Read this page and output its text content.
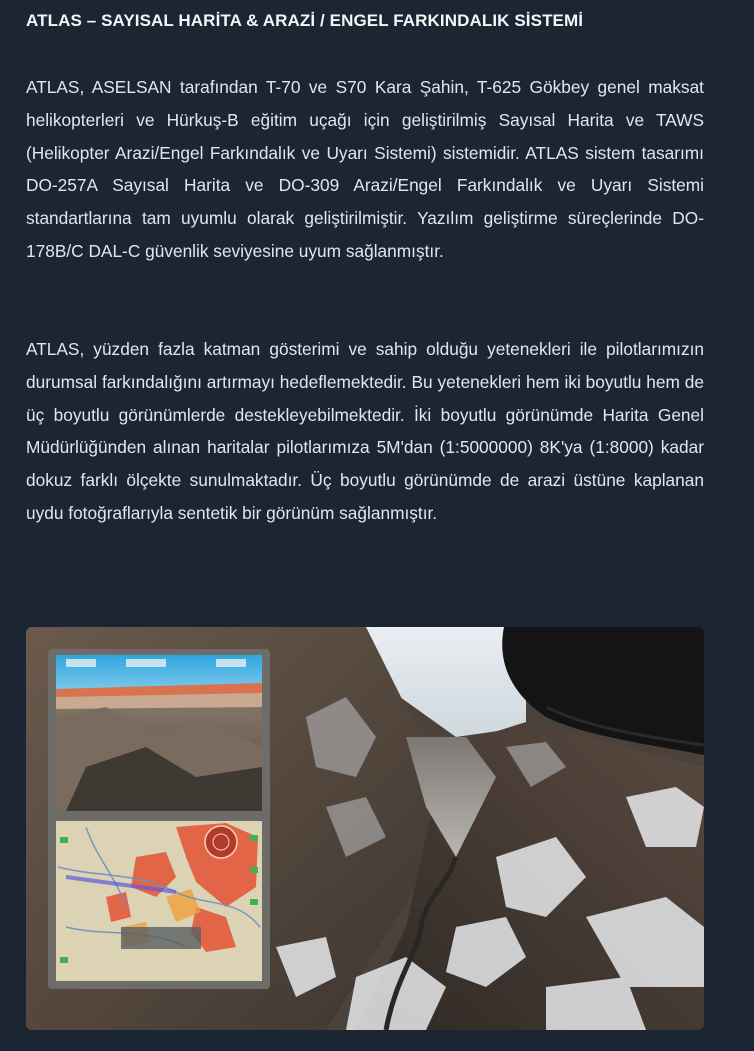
ATLAS – SAYISAL HARİTA & ARAZİ / ENGEL FARKINDALIK SİSTEMİ

ATLAS, ASELSAN tarafından T-70 ve S70 Kara Şahin, T-625 Gökbey genel maksat helikopterleri ve Hürkuş-B eğitim uçağı için geliştirilmiş Sayısal Harita ve TAWS (Helikopter Arazi/Engel Farkındalık ve Uyarı Sistemi) sistemidir. ATLAS sistem tasarımı DO-257A Sayısal Harita ve DO-309 Arazi/Engel Farkındalık ve Uyarı Sistemi standartlarına tam uyumlu olarak geliştirilmiştir. Yazılım geliştirme süreçlerinde DO-178B/C DAL-C güvenlik seviyesine uyum sağlanmıştır.

ATLAS, yüzden fazla katman gösterimi ve sahip olduğu yetenekleri ile pilotlarımızın durumsal farkındalığını artırmayı hedeflemektedir. Bu yetenekleri hem iki boyutlu hem de üç boyutlu görünümlerde destekleyebilmektedir. İki boyutlu görünümde Harita Genel Müdürlüğünden alınan haritalar pilotlarımıza 5M'dan (1:5000000) 8K'ya (1:8000) kadar dokuz farklı ölçekte sunulmaktadır. Üç boyutlu görünümde de arazi üstüne kaplanan uydu fotoğraflarıyla sentetik bir görünüm sağlanmıştır.
